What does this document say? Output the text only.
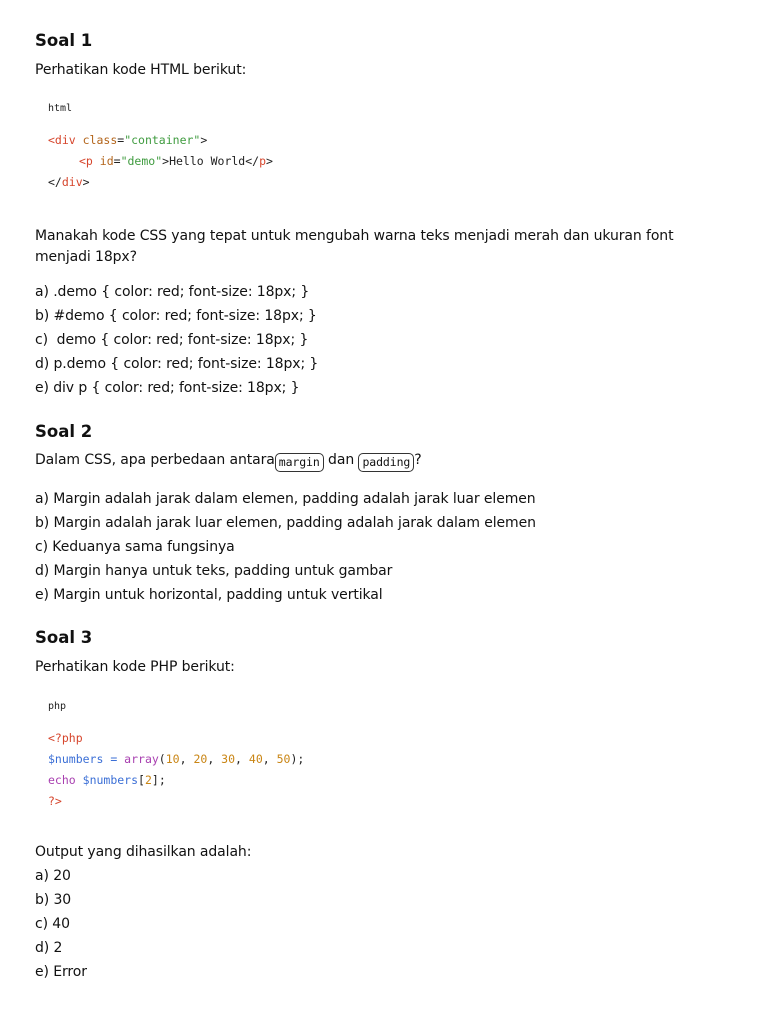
Soal 1
Perhatikan kode HTML berikut:
html
<div class="container">
<p id="demo">Hello World</p>
</div>
Manakah kode CSS yang tepat untuk mengubah warna teks menjadi merah dan ukuran font menjadi 18px?
a) .demo { color: red; font-size: 18px; }
b) #demo { color: red; font-size: 18px; }
c)  demo { color: red; font-size: 18px; }
d) p.demo { color: red; font-size: 18px; }
e) div p { color: red; font-size: 18px; }
Soal 2
Dalam CSS, apa perbedaan antara margin dan padding ?
a) Margin adalah jarak dalam elemen, padding adalah jarak luar elemen
b) Margin adalah jarak luar elemen, padding adalah jarak dalam elemen
c) Keduanya sama fungsinya
d) Margin hanya untuk teks, padding untuk gambar
e) Margin untuk horizontal, padding untuk vertikal
Soal 3
Perhatikan kode PHP berikut:
php
<?php
$numbers = array(10, 20, 30, 40, 50);
echo $numbers[2];
?>
Output yang dihasilkan adalah:
a) 20
b) 30
c) 40
d) 2
e) Error
